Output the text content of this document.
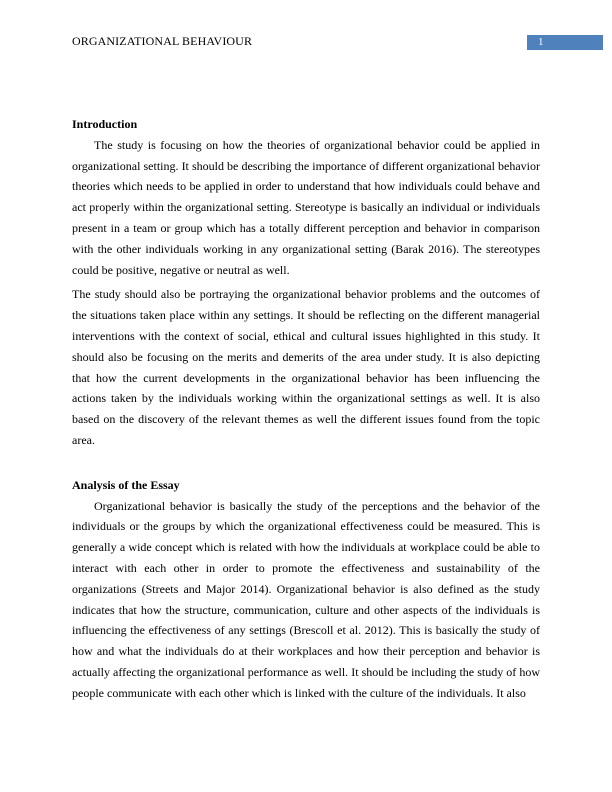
ORGANIZATIONAL BEHAVIOUR	1
Introduction

The study is focusing on how the theories of organizational behavior could be applied in organizational setting. It should be describing the importance of different organizational behavior theories which needs to be applied in order to understand that how individuals could behave and act properly within the organizational setting. Stereotype is basically an individual or individuals present in a team or group which has a totally different perception and behavior in comparison with the other individuals working in any organizational setting (Barak 2016). The stereotypes could be positive, negative or neutral as well.

The study should also be portraying the organizational behavior problems and the outcomes of the situations taken place within any settings. It should be reflecting on the different managerial interventions with the context of social, ethical and cultural issues highlighted in this study. It should also be focusing on the merits and demerits of the area under study. It is also depicting that how the current developments in the organizational behavior has been influencing the actions taken by the individuals working within the organizational settings as well. It is also based on the discovery of the relevant themes as well the different issues found from the topic area.

Analysis of the Essay

Organizational behavior is basically the study of the perceptions and the behavior of the individuals or the groups by which the organizational effectiveness could be measured. This is generally a wide concept which is related with how the individuals at workplace could be able to interact with each other in order to promote the effectiveness and sustainability of the organizations (Streets and Major 2014). Organizational behavior is also defined as the study indicates that how the structure, communication, culture and other aspects of the individuals is influencing the effectiveness of any settings (Brescoll et al. 2012). This is basically the study of how and what the individuals do at their workplaces and how their perception and behavior is actually affecting the organizational performance as well. It should be including the study of how people communicate with each other which is linked with the culture of the individuals. It also
